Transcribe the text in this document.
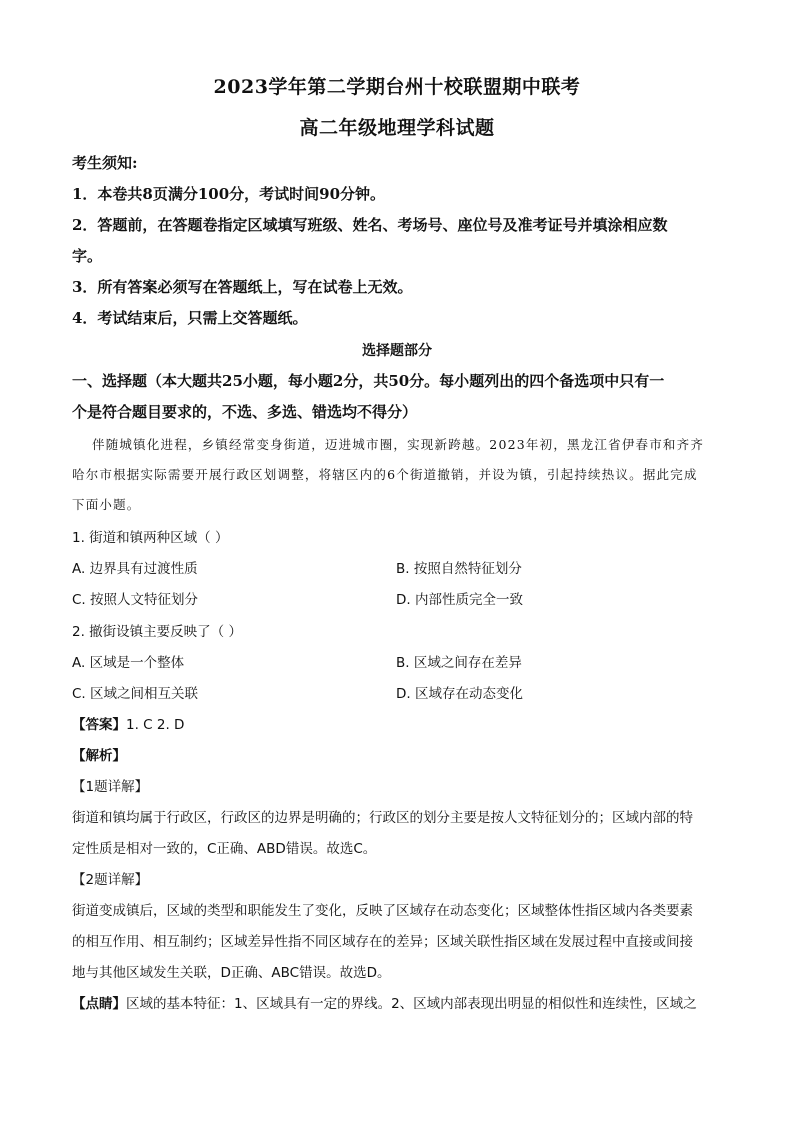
2023学年第二学期台州十校联盟期中联考
高二年级地理学科试题
考生须知:
1．本卷共8页满分100分，考试时间90分钟。
2．答题前，在答题卷指定区域填写班级、姓名、考场号、座位号及准考证号并填涂相应数
字。
3．所有答案必须写在答题纸上，写在试卷上无效。
4．考试结束后，只需上交答题纸。
选择题部分
一、选择题（本大题共25小题，每小题2分，共50分。每小题列出的四个备选项中只有一
个是符合题目要求的，不选、多选、错选均不得分）
伴随城镇化进程，乡镇经常变身街道，迈进城市圈，实现新跨越。2023年初，黑龙江省伊春市和齐齐
哈尔市根据实际需要开展行政区划调整，将辖区内的6个街道撤销，并设为镇，引起持续热议。据此完成
下面小题。
1. 街道和镇两种区域（ ）
A. 边界具有过渡性质	B. 按照自然特征划分
C. 按照人文特征划分	D. 内部性质完全一致
2. 撤街设镇主要反映了（ ）
A. 区域是一个整体	B. 区域之间存在差异
C. 区域之间相互关联	D. 区域存在动态变化
【答案】1. C 2. D
【解析】
【1题详解】
街道和镇均属于行政区，行政区的边界是明确的；行政区的划分主要是按人文特征划分的；区域内部的特
定性质是相对一致的，C正确、ABD错误。故选C。
【2题详解】
街道变成镇后，区域的类型和职能发生了变化，反映了区域存在动态变化；区域整体性指区域内各类要素
的相互作用、相互制约；区域差异性指不同区域存在的差异；区域关联性指区域在发展过程中直接或间接
地与其他区域发生关联，D正确、ABC错误。故选D。
【点睛】区域的基本特征：1、区域具有一定的界线。2、区域内部表现出明显的相似性和连续性，区域之
